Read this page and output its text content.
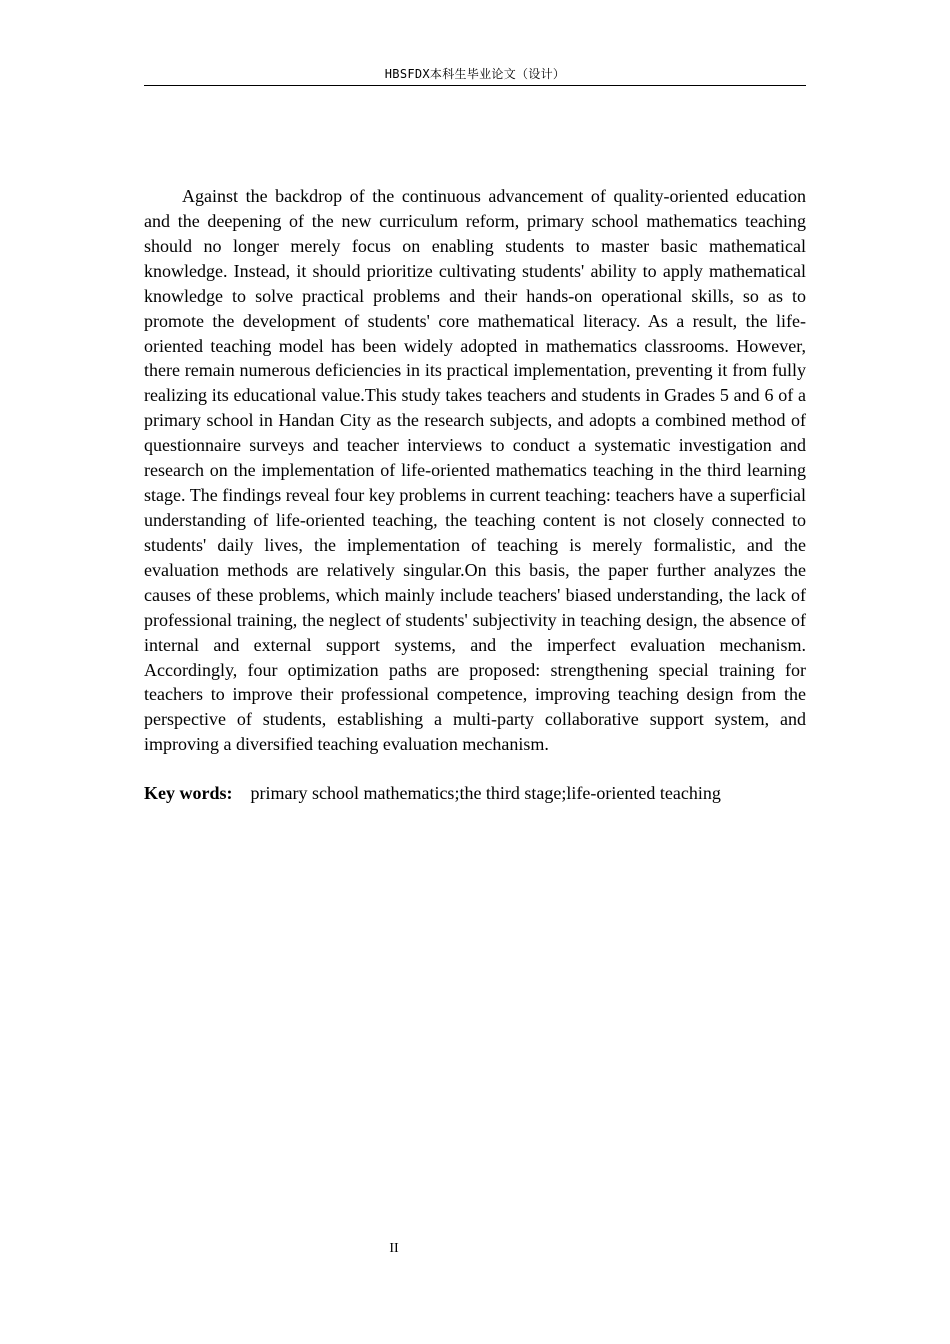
HBSFDX本科生毕业论文（设计）

Against the backdrop of the continuous advancement of quality-oriented education and the deepening of the new curriculum reform, primary school mathematics teaching should no longer merely focus on enabling students to master basic mathematical knowledge. Instead, it should prioritize cultivating students' ability to apply mathematical knowledge to solve practical problems and their hands-on operational skills, so as to promote the development of students' core mathematical literacy. As a result, the life-oriented teaching model has been widely adopted in mathematics classrooms. However, there remain numerous deficiencies in its practical implementation, preventing it from fully realizing its educational value.This study takes teachers and students in Grades 5 and 6 of a primary school in Handan City as the research subjects, and adopts a combined method of questionnaire surveys and teacher interviews to conduct a systematic investigation and research on the implementation of life-oriented mathematics teaching in the third learning stage. The findings reveal four key problems in current teaching: teachers have a superficial understanding of life-oriented teaching, the teaching content is not closely connected to students' daily lives, the implementation of teaching is merely formalistic, and the evaluation methods are relatively singular.On this basis, the paper further analyzes the causes of these problems, which mainly include teachers' biased understanding, the lack of professional training, the neglect of students' subjectivity in teaching design, the absence of internal and external support systems, and the imperfect evaluation mechanism. Accordingly, four optimization paths are proposed: strengthening special training for teachers to improve their professional competence, improving teaching design from the perspective of students, establishing a multi-party collaborative support system, and improving a diversified teaching evaluation mechanism.

Key words: primary school mathematics;the third stage;life-oriented teaching

II
